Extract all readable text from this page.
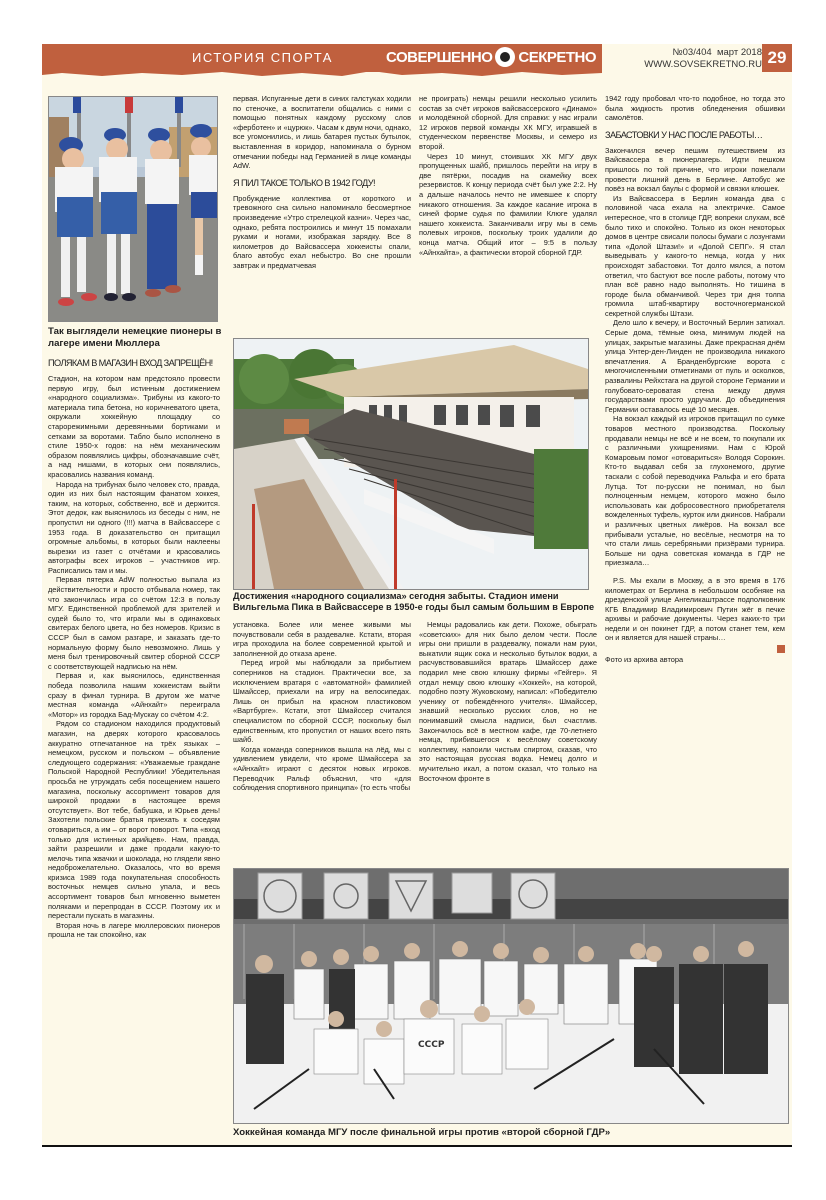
ИСТОРИЯ СПОРТА	СОВЕРШЕННО СЕКРЕТНО	№03/404 март 2018
WWW.SOVSEKRETNO.RU 29
Так выглядели немецкие пионеры в лагере имени Мюллера
ПОЛЯКАМ В МАГАЗИН ВХОД ЗАПРЕЩЁН!

Стадион, на котором нам предстояло провести первую игру, был истинным достижением «народного социализма». Трибуны из какого-то материала типа бетона, но коричневатого цвета, окружали хоккейную площадку со старорежимными деревянными бортиками и сетками за воротами. Табло было исполнено в стиле 1950-х годов: на нём механическим образом появлялись цифры, обозначавшие счёт, а над нишами, в которых они появлялись, красовались названия команд.

Народа на трибунах было человек сто, правда, один из них был настоящим фанатом хоккея, таким, на которых, собственно, всё и держится. Этот дедок, как выяснилось из беседы с ним, не пропустил ни одного (!!!) матча в Вайсвассере с 1953 года. В доказательство он притащил огромные альбомы, в которых были наклеены вырезки из газет с отчётами и красовались автографы всех игроков – участников игр. Расписались там и мы.

Первая пятерка AdW полностью выпала из действительности и просто отбывала номер, так что закончилась игра со счётом 12:3 в пользу МГУ. Единственной проблемой для зрителей и судей было то, что играли мы в одинаковых свитерах белого цвета, но без номеров. Кризис в СССР был в самом разгаре, и заказать где-то нормальную форму было невозможно. Лишь у меня был тренировочный свитер сборной СССР с соответствующей надписью на нём.

Первая и, как выяснилось, единственная победа позволила нашим хоккеистам выйти сразу в финал турнира. В другом же матче местная команда «Айнхайт» переиграла «Мотор» из городка Бад-Мускау со счётом 4:2.

Рядом со стадионом находился продуктовый магазин, на дверях которого красовалось аккуратно отпечатанное на трёх языках – немецком, русском и польском – объявление следующего содержания: «Уважаемые граждане Польской Народной Республики! Убедительная просьба не утруждать себя посещением нашего магазина, поскольку ассортимент товаров для широкой продажи в настоящее время отсутствует». Вот тебе, бабушка, и Юрьев день! Захотели польские братья приехать к соседям отовариться, а им – от ворот поворот. Типа «вход только для истинных арийцев». Нам, правда, зайти разрешили и даже продали какую-то мелочь типа жвачки и шоколада, но глядели явно недоброжелательно. Оказалось, что во время кризиса 1989 года покупательная способность восточных немцев сильно упала, и весь ассортимент товаров был мгновенно выметен поляками и перепродан в СССР. Поэтому их и перестали пускать в магазины.

Вторая ночь в лагере мюллеровских пионеров прошла не так спокойно, как

первая. Испуганные дети в синих галстуках ходили по стеночке, а воспитатели общались с ними с помощью понятных каждому русскому слов «ферботен» и «цурюк». Часам к двум ночи, однако, все угомонились, и лишь батарея пустых бутылок, выставленная в коридор, напоминала о бурном отмечании победы над Германией в лице команды AdW.

Я ПИЛ ТАКОЕ ТОЛЬКО В 1942 ГОДУ!

Пробуждение коллектива от короткого и тревожного сна сильно напоминало бессмертное произведение «Утро стрелецкой казни». Через час, однако, ребята построились и минут 15 помахали руками и ногами, изображая зарядку. Все 8 километров до Вайсвассера хоккеисты спали, благо автобус ехал небыстро. Во сне прошли завтрак и предматчевая

не проиграть) немцы решили несколько усилить состав за счёт игроков вайсвассерского «Динамо» и молодёжной сборной. Для справки: у нас играли 12 игроков первой команды ХК МГУ, игравшей в студенческом первенстве Москвы, и семеро из второй.

Через 10 минут, стоивших ХК МГУ двух пропущенных шайб, пришлось перейти на игру в две пятёрки, посадив на скамейку всех резервистов. К концу периода счёт был уже 2:2. Ну а дальше началось нечто не имевшее к спорту никакого отношения. За каждое касание игрока в синей форме судья по фамилии Клюге удалял нашего хоккеиста. Заканчивали игру мы в семь полевых игроков, поскольку троих удалили до конца матча. Общий итог – 9:5 в пользу «Айнхайта», а фактически второй сборной ГДР.

Достижения «народного социализма» сегодня забыты. Стадион имени Вильгельма Пика в Вайсвассере в 1950-е годы был самым большим в Европе

установка. Более или менее живыми мы почувствовали себя в раздевалке. Кстати, вторая игра проходила на более современной крытой и заполненной до отказа арене.

Перед игрой мы наблюдали за прибытием соперников на стадион. Практически все, за исключением вратаря с «автоматной» фамилией Шмайссер, приехали на игру на велосипедах. Лишь он прибыл на красном пластиковом «Вартбурге». Кстати, этот Шмайссер считался специалистом по сборной СССР, поскольку был единственным, кто пропустил от наших всего пять шайб.

Когда команда соперников вышла на лёд, мы с удивлением увидели, что кроме Шмайссера за «Айнхайт» играют с десяток новых игроков. Переводчик Ральф объяснил, что «для соблюдения спортивного принципа» (то есть чтобы

Немцы радовались как дети. Похоже, обыграть «советских» для них было делом чести. После игры они пришли в раздевалку, пожали нам руки, выкатили ящик сока и несколько бутылок водки, а расчувствовавшийся вратарь Шмайссер даже подарил мне свою клюшку фирмы «Гейгер». Я отдал немцу свою клюшку «Хоккей», на которой, подобно поэту Жуковскому, написал: «Победителю ученику от побеждённого учителя». Шмайссер, знавший несколько русских слов, но не понимавший смысла надписи, был счастлив. Закончилось всё в местном кафе, где 70-летнего немца, прибившегося к весёлому советскому коллективу, напоили чистым спиртом, сказав, что это настоящая русская водка. Немец долго и мучительно икал, а потом сказал, что только на Восточном фронте в

1942 году пробовал что-то подобное, но тогда это была жидкость против обледенения обшивки самолётов.

ЗАБАСТОВКИ У НАС ПОСЛЕ РАБОТЫ…

Закончился вечер пешим путешествием из Вайсвассера в пионерлагерь. Идти пешком пришлось по той причине, что игроки пожелали провести лишний день в Берлине. Автобус же повёз на вокзал баулы с формой и связки клюшек.

Из Вайсвассера в Берлин команда два с половиной часа ехала на электричке. Самое интересное, что в столице ГДР, вопреки слухам, всё было тихо и спокойно. Только из окон некоторых домов в центре свисали полосы бумаги с лозунгами типа «Долой Штази!» и «Долой СЕПГ». Я стал выведывать у какого-то немца, когда у них происходят забастовки. Тот долго мялся, а потом ответил, что бастуют все после работы, потому что план всё равно надо выполнять. Но тишина в городе была обманчивой. Через три дня толпа громила штаб-квартиру восточногерманской секретной службы Штази.

Дело шло к вечеру, и Восточный Берлин затихал. Серые дома, тёмные окна, минимум людей на улицах, закрытые магазины. Даже прекрасная днём улица Унтер-ден-Линден не производила никакого впечатления. А Бранденбургские ворота с многочисленными отметинами от пуль и осколков, развалины Рейхстага на другой стороне Германии и голубовато-сероватая стена между двумя государствами просто удручали. До объединения Германии оставалось ещё 10 месяцев.

На вокзал каждый из игроков притащил по сумке товаров местного производства. Поскольку продавали немцы не всё и не всем, то покупали их с различными ухищрениями. Нам с Юрой Комаровым помог «отовариться» Володя Сорокин. Кто-то выдавал себя за глухонемого, другие таскали с собой переводчика Ральфа и его брата Лутца. Тот по-русски не понимал, но был полноценным немцем, которого можно было использовать как добросовестного приобретателя вожделенных туфель, курток или джинсов. Набрали и различных цветных ликёров. На вокзал все прибывали усталые, но весёлые, несмотря на то что стали лишь серебряными призёрами турнира. Больше ни одна советская команда в ГДР не приезжала…

P.S. Мы ехали в Москву, а в это время в 176 километрах от Берлина в небольшом особняке на дрезденской улице Ангеликаштрассе подполковник КГБ Владимир Владимирович Путин жёг в печке архивы и рабочие документы. Через каких-то три недели и он покинет ГДР, а потом станет тем, кем он и является для нашей страны…

Фото из архива автора

СССР
Хоккейная команда МГУ после финальной игры против «второй сборной ГДР»
